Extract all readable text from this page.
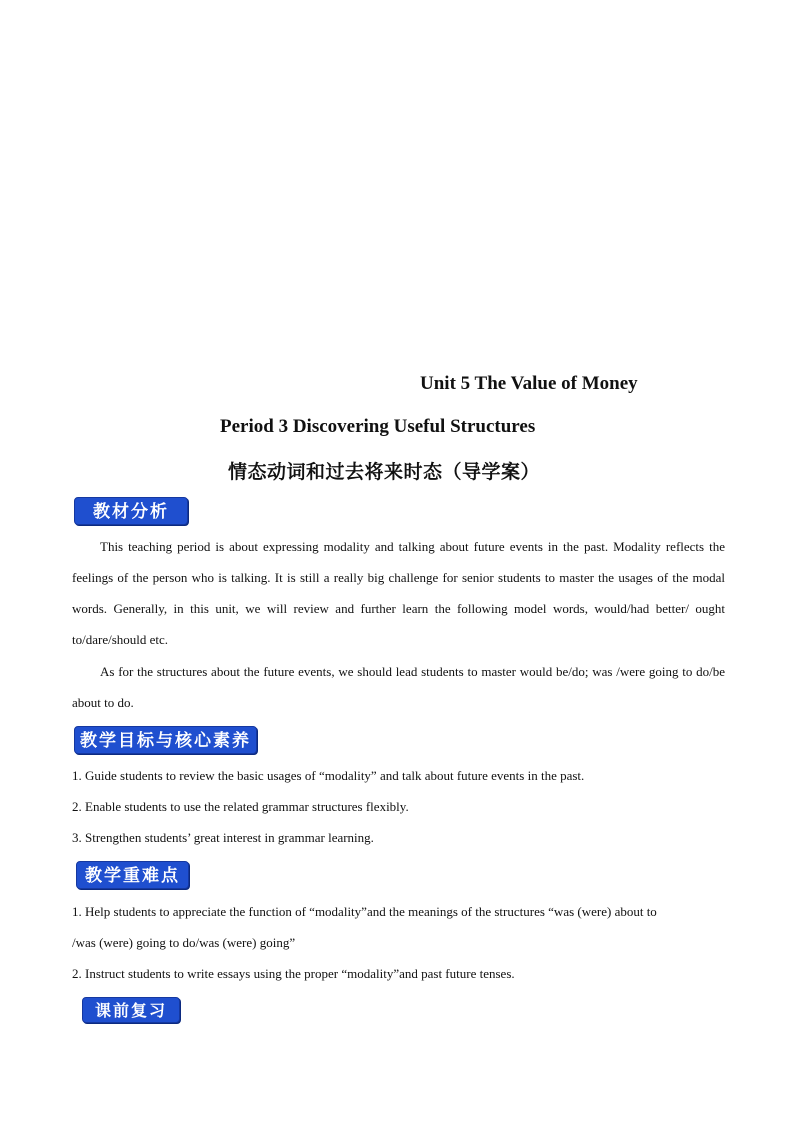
Unit 5 The Value of Money
Period 3 Discovering Useful Structures
情态动词和过去将来时态（导学案）
教材分析
This teaching period is about expressing modality and talking about future events in the past. Modality reflects the feelings of the person who is talking. It is still a really big challenge for senior students to master the usages of the modal words. Generally, in this unit, we will review and further learn the following model words, would/had better/ ought to/dare/should etc.
As for the structures about the future events, we should lead students to master would be/do; was /were going to do/be about to do.
教学目标与核心素养
1. Guide students to review the basic usages of “modality” and talk about future events in the past.
2. Enable students to use the related grammar structures flexibly.
3. Strengthen students’ great interest in grammar learning.
教学重难点
1. Help students to appreciate the function of “modality”and the meanings of the structures “was (were) about to
/was (were) going to do/was (were) going”
2. Instruct students to write essays using the proper “modality”and past future tenses.
课前复习
